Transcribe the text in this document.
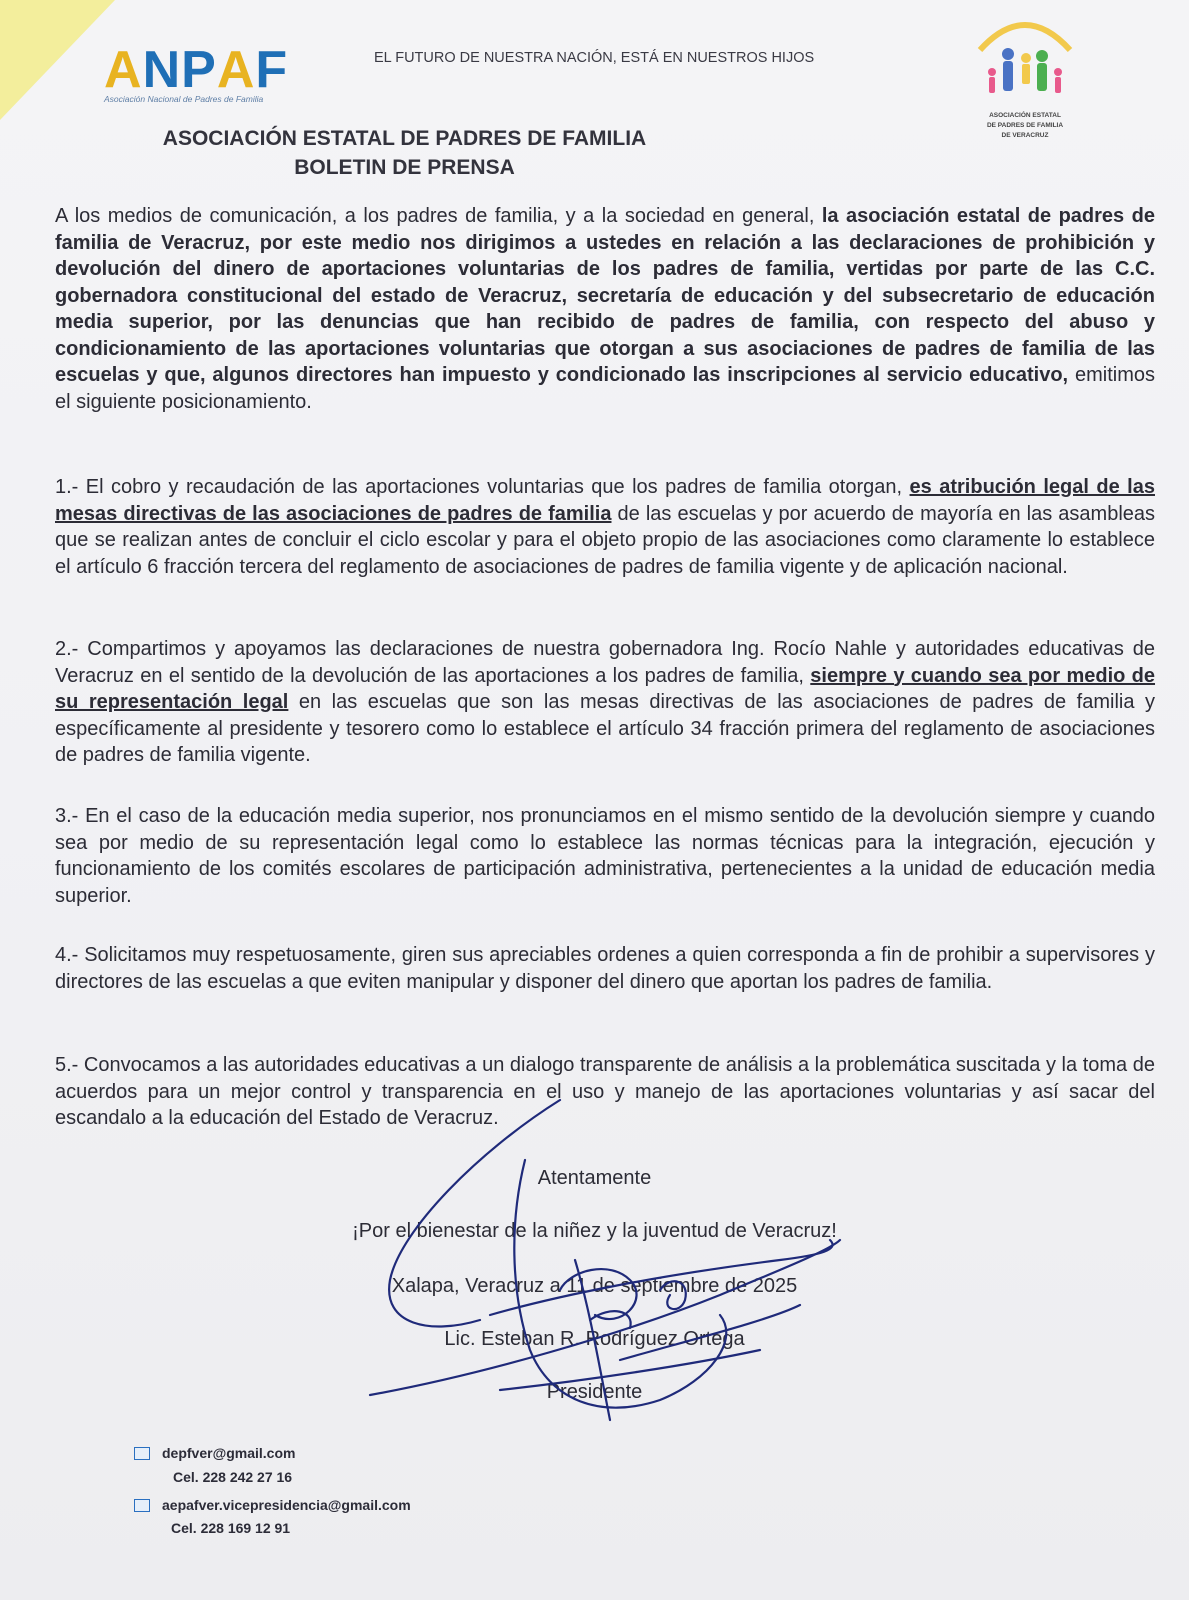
ANPAF
Asociación Nacional de Padres de Familia
EL FUTURO DE NUESTRA NACIÓN, ESTÁ EN NUESTROS HIJOS
ASOCIACIÓN ESTATAL
DE PADRES DE FAMILIA
DE VERACRUZ
ASOCIACIÓN ESTATAL DE PADRES DE FAMILIA
BOLETIN DE PRENSA
A los medios de comunicación, a los padres de familia, y a la sociedad en general, la asociación estatal de padres de familia de Veracruz, por este medio nos dirigimos a ustedes en relación a las declaraciones de prohibición y devolución del dinero de aportaciones voluntarias de los padres de familia, vertidas por parte de las C.C. gobernadora constitucional del estado de Veracruz, secretaría de educación y del subsecretario de educación media superior, por las denuncias que han recibido de padres de familia, con respecto del abuso y condicionamiento de las aportaciones voluntarias que otorgan a sus asociaciones de padres de familia de las escuelas y que, algunos directores han impuesto y condicionado las inscripciones al servicio educativo, emitimos el siguiente posicionamiento.
1.- El cobro y recaudación de las aportaciones voluntarias que los padres de familia otorgan, es atribución legal de las mesas directivas de las asociaciones de padres de familia de las escuelas y por acuerdo de mayoría en las asambleas que se realizan antes de concluir el ciclo escolar y para el objeto propio de las asociaciones como claramente lo establece el artículo 6 fracción tercera del reglamento de asociaciones de padres de familia vigente y de aplicación nacional.
2.- Compartimos y apoyamos las declaraciones de nuestra gobernadora Ing. Rocío Nahle y autoridades educativas de Veracruz en el sentido de la devolución de las aportaciones a los padres de familia, siempre y cuando sea por medio de su representación legal en las escuelas que son las mesas directivas de las asociaciones de padres de familia y específicamente al presidente y tesorero como lo establece el artículo 34 fracción primera del reglamento de asociaciones de padres de familia vigente.
3.- En el caso de la educación media superior, nos pronunciamos en el mismo sentido de la devolución siempre y cuando sea por medio de su representación legal como lo establece las normas técnicas para la integración, ejecución y funcionamiento de los comités escolares de participación administrativa, pertenecientes a la unidad de educación media superior.
4.- Solicitamos muy respetuosamente, giren sus apreciables ordenes a quien corresponda a fin de prohibir a supervisores y directores de las escuelas a que eviten manipular y disponer del dinero que aportan los padres de familia.
5.- Convocamos a las autoridades educativas a un dialogo transparente de análisis a la problemática suscitada y la toma de acuerdos para un mejor control y transparencia en el uso y manejo de las aportaciones voluntarias y así sacar del escandalo a la educación del Estado de Veracruz.
Atentamente
¡Por el bienestar de la niñez y la juventud de Veracruz!
Xalapa, Veracruz a 11 de septiembre de 2025
Lic. Esteban R. Rodríguez Ortega
Presidente
depfver@gmail.com
Cel. 228 242 27 16
aepafver.vicepresidencia@gmail.com
Cel. 228 169 12 91
